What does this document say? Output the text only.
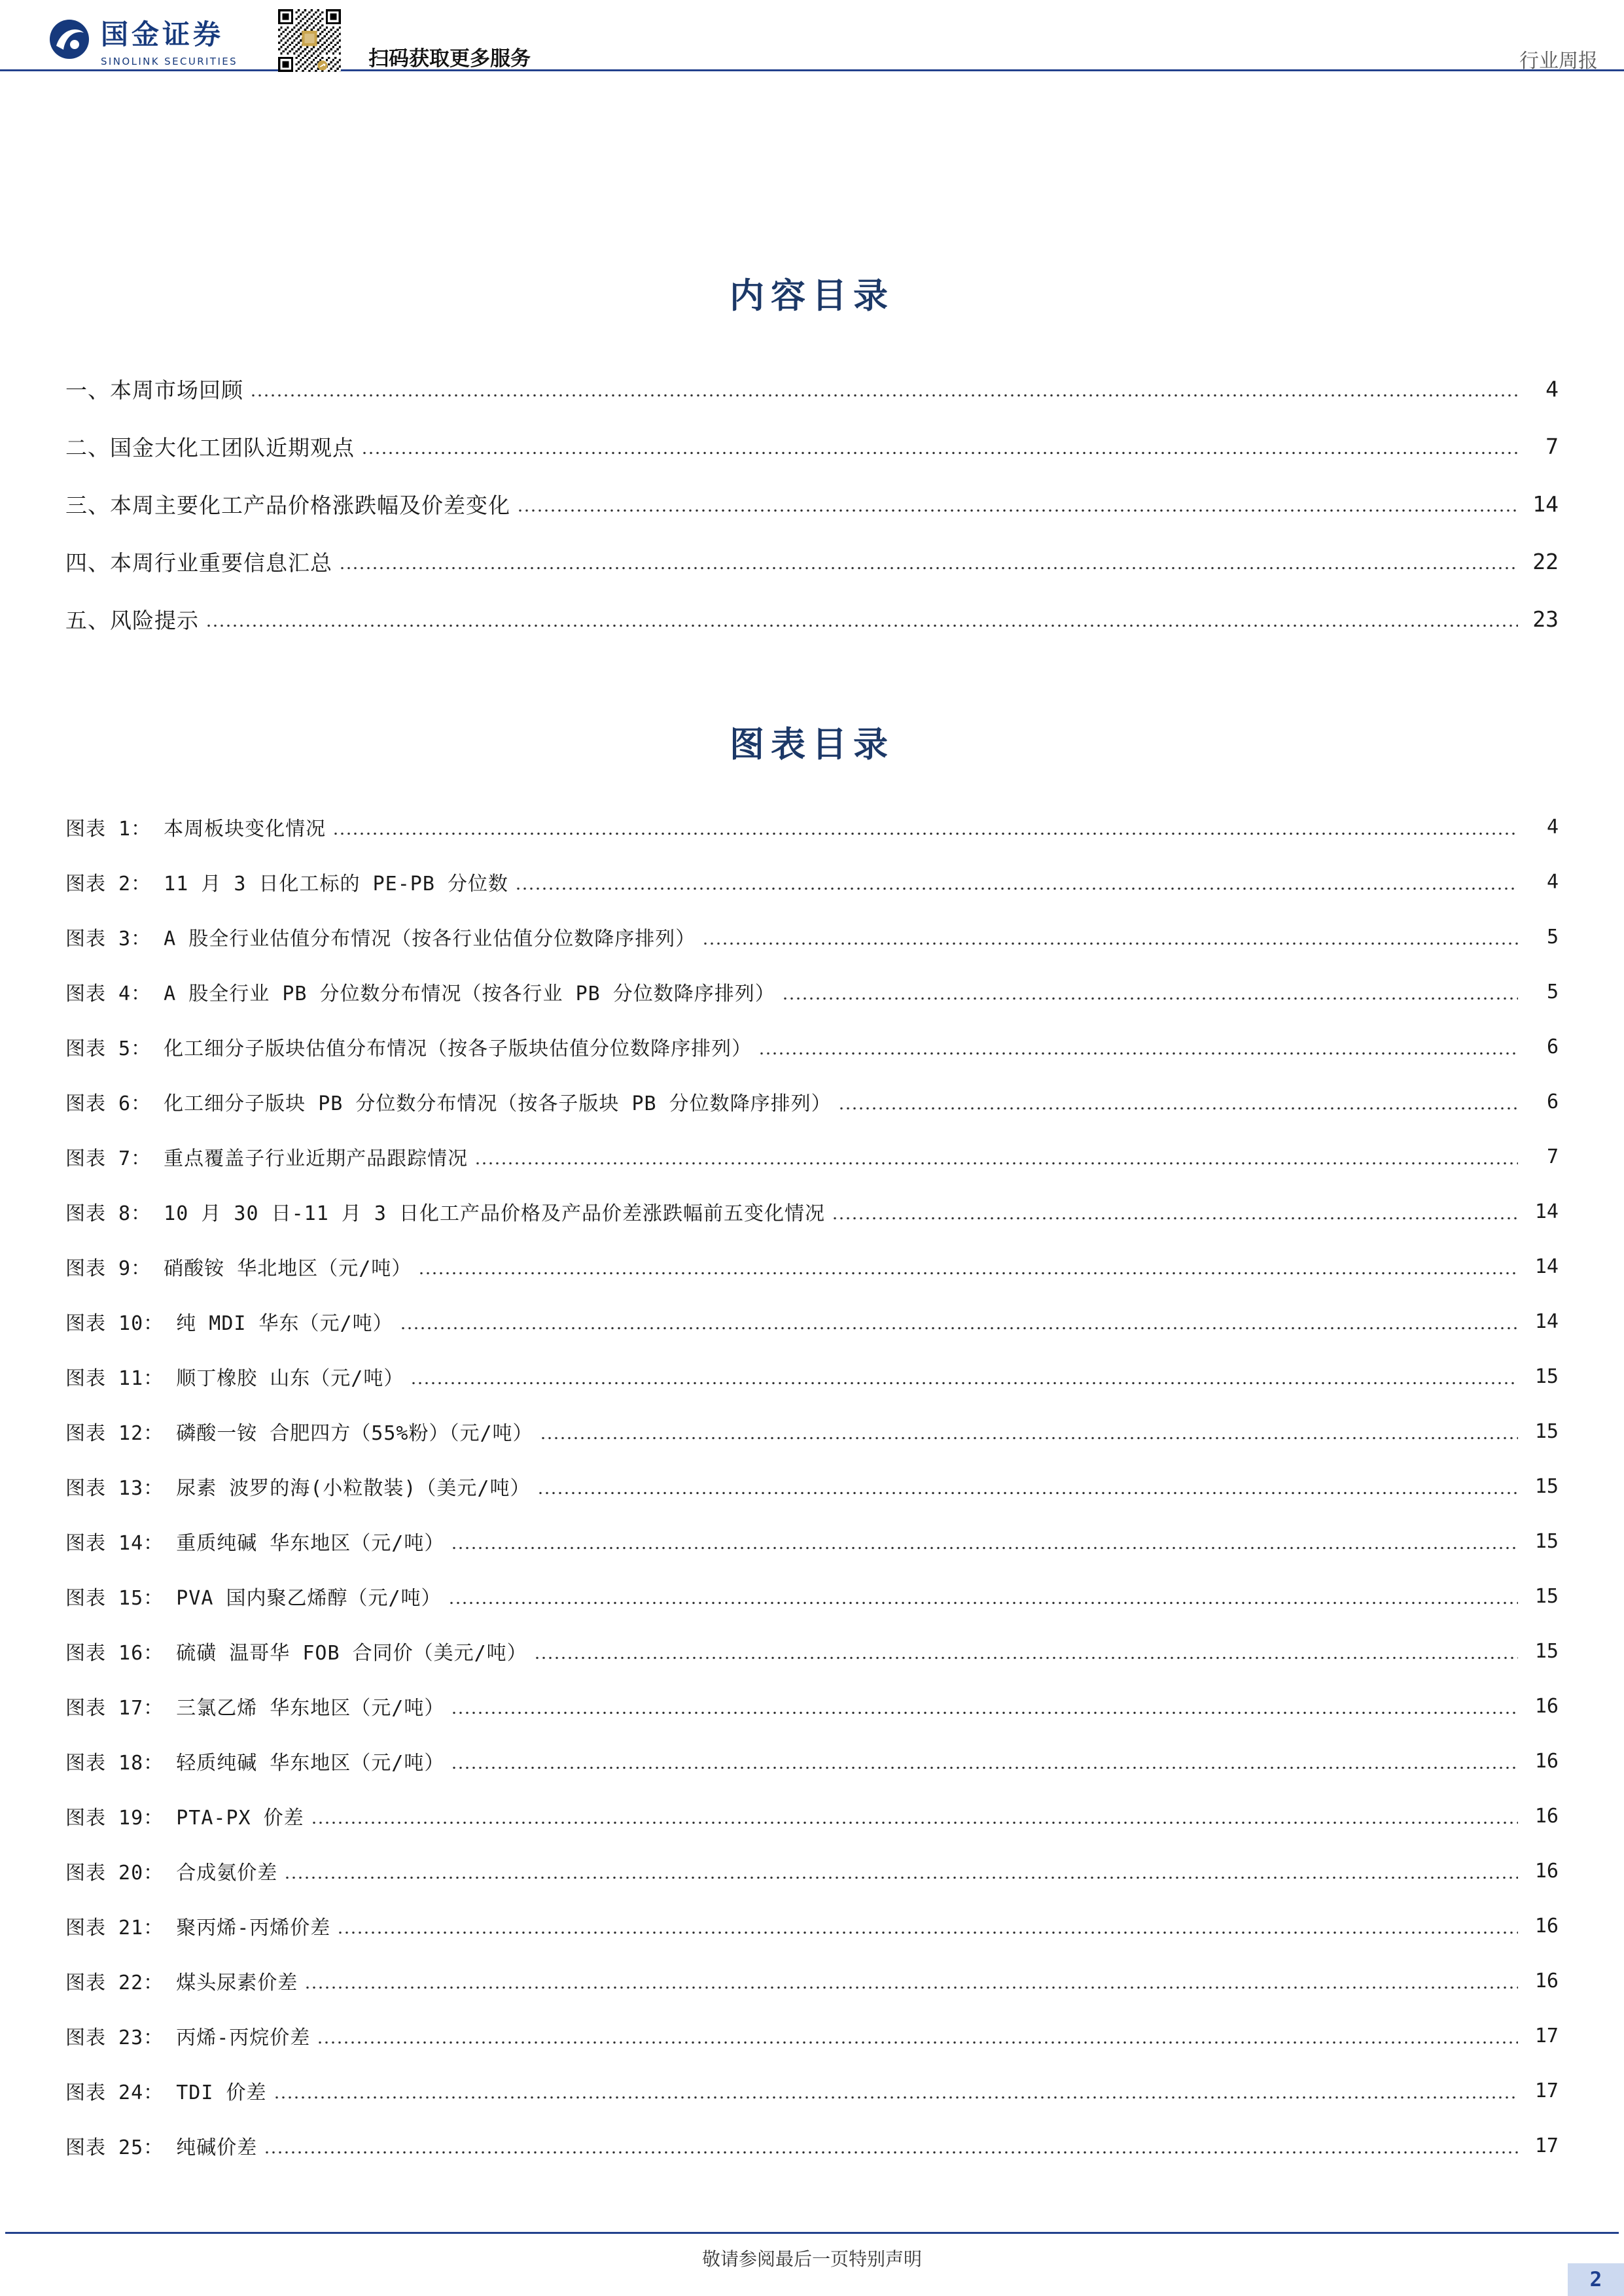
国金证券
SINOLINK SECURITIES	扫码获取更多服务	行业周报
内容目录
一、本周市场回顾	4
二、国金大化工团队近期观点	7
三、本周主要化工产品价格涨跌幅及价差变化	14
四、本周行业重要信息汇总	22
五、风险提示	23
图表目录
图表 1： 本周板块变化情况	4
图表 2： 11 月 3 日化工标的 PE-PB 分位数	4
图表 3： A 股全行业估值分布情况（按各行业估值分位数降序排列）	5
图表 4： A 股全行业 PB 分位数分布情况（按各行业 PB 分位数降序排列）	5
图表 5： 化工细分子版块估值分布情况（按各子版块估值分位数降序排列）	6
图表 6： 化工细分子版块 PB 分位数分布情况（按各子版块 PB 分位数降序排列）	6
图表 7： 重点覆盖子行业近期产品跟踪情况	7
图表 8： 10 月 30 日-11 月 3 日化工产品价格及产品价差涨跌幅前五变化情况	14
图表 9： 硝酸铵 华北地区（元/吨）	14
图表 10： 纯 MDI 华东（元/吨）	14
图表 11： 顺丁橡胶 山东（元/吨）	15
图表 12： 磷酸一铵 合肥四方（55%粉）（元/吨）	15
图表 13： 尿素 波罗的海(小粒散装)（美元/吨）	15
图表 14： 重质纯碱 华东地区（元/吨）	15
图表 15： PVA 国内聚乙烯醇（元/吨）	15
图表 16： 硫磺 温哥华 FOB 合同价（美元/吨）	15
图表 17： 三氯乙烯 华东地区（元/吨）	16
图表 18： 轻质纯碱 华东地区（元/吨）	16
图表 19： PTA-PX 价差	16
图表 20： 合成氨价差	16
图表 21： 聚丙烯-丙烯价差	16
图表 22： 煤头尿素价差	16
图表 23： 丙烯-丙烷价差	17
图表 24： TDI 价差	17
图表 25： 纯碱价差	17
敬请参阅最后一页特别声明
2
